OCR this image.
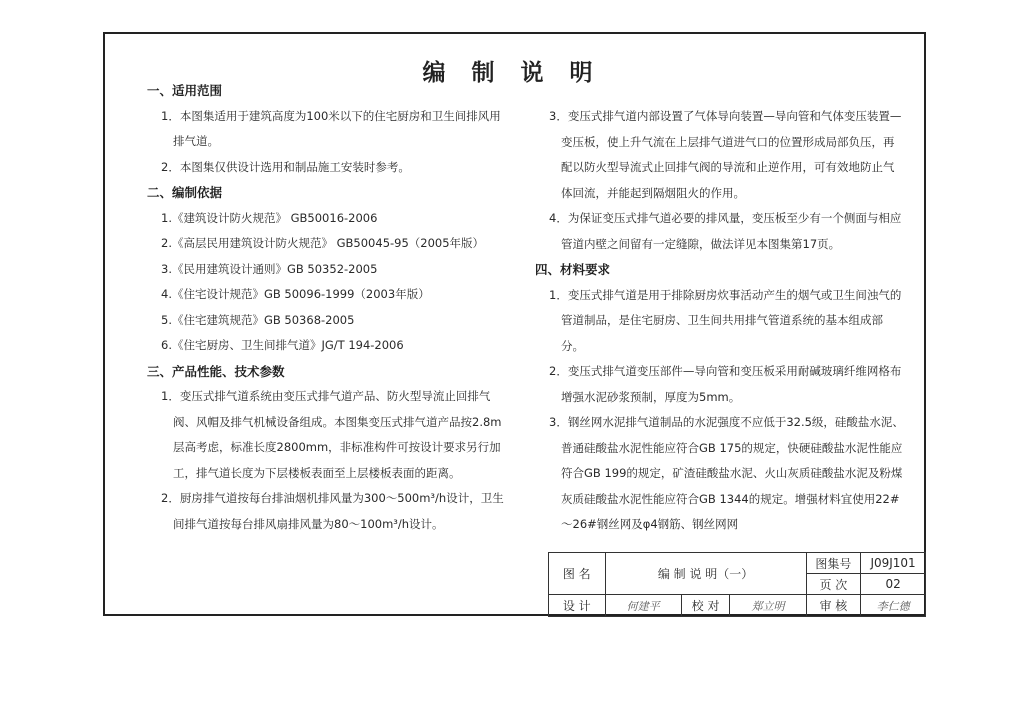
编 制 说 明
一、适用范围
1．本图集适用于建筑高度为100米以下的住宅厨房和卫生间排风用排气道。
2．本图集仅供设计选用和制品施工安装时参考。
二、编制依据
1.《建筑设计防火规范》 GB50016-2006
2.《高层民用建筑设计防火规范》 GB50045-95（2005年版）
3.《民用建筑设计通则》GB 50352-2005
4.《住宅设计规范》GB 50096-1999（2003年版）
5.《住宅建筑规范》GB 50368-2005
6.《住宅厨房、卫生间排气道》JG/T 194-2006
三、产品性能、技术参数
1．变压式排气道系统由变压式排气道产品、防火型导流止回排气阀、风帽及排气机械设备组成。本图集变压式排气道产品按2.8m 层高考虑，标准长度2800mm，非标准构件可按设计要求另行加工，排气道长度为下层楼板表面至上层楼板表面的距离。
2．厨房排气道按每台排油烟机排风量为300～500m³/h设计，卫生间排气道按每台排风扇排风量为80～100m³/h设计。
3．变压式排气道内部设置了气体导向装置—导向管和气体变压装置—变压板，使上升气流在上层排气道进气口的位置形成局部负压，再配以防火型导流式止回排气阀的导流和止逆作用，可有效地防止气体回流，并能起到隔烟阻火的作用。
4．为保证变压式排气道必要的排风量，变压板至少有一个侧面与相应管道内壁之间留有一定缝隙，做法详见本图集第17页。
四、材料要求
1．变压式排气道是用于排除厨房炊事活动产生的烟气或卫生间浊气的管道制品，是住宅厨房、卫生间共用排气管道系统的基本组成部分。
2．变压式排气道变压部件—导向管和变压板采用耐碱玻璃纤维网格布增强水泥砂浆预制，厚度为5mm。
3．钢丝网水泥排气道制品的水泥强度不应低于32.5级，硅酸盐水泥、普通硅酸盐水泥性能应符合GB 175的规定，快硬硅酸盐水泥性能应符合GB 199的规定，矿渣硅酸盐水泥、火山灰质硅酸盐水泥及粉煤灰质硅酸盐水泥性能应符合GB 1344的规定。增强材料宜使用22#～26#钢丝网及φ4钢筋、钢丝网网
图 名	编 制 说 明（一）			图集号	J09J101
				页 次	02
设 计	何建平	校 对	郑立明	审 核	李仁德
